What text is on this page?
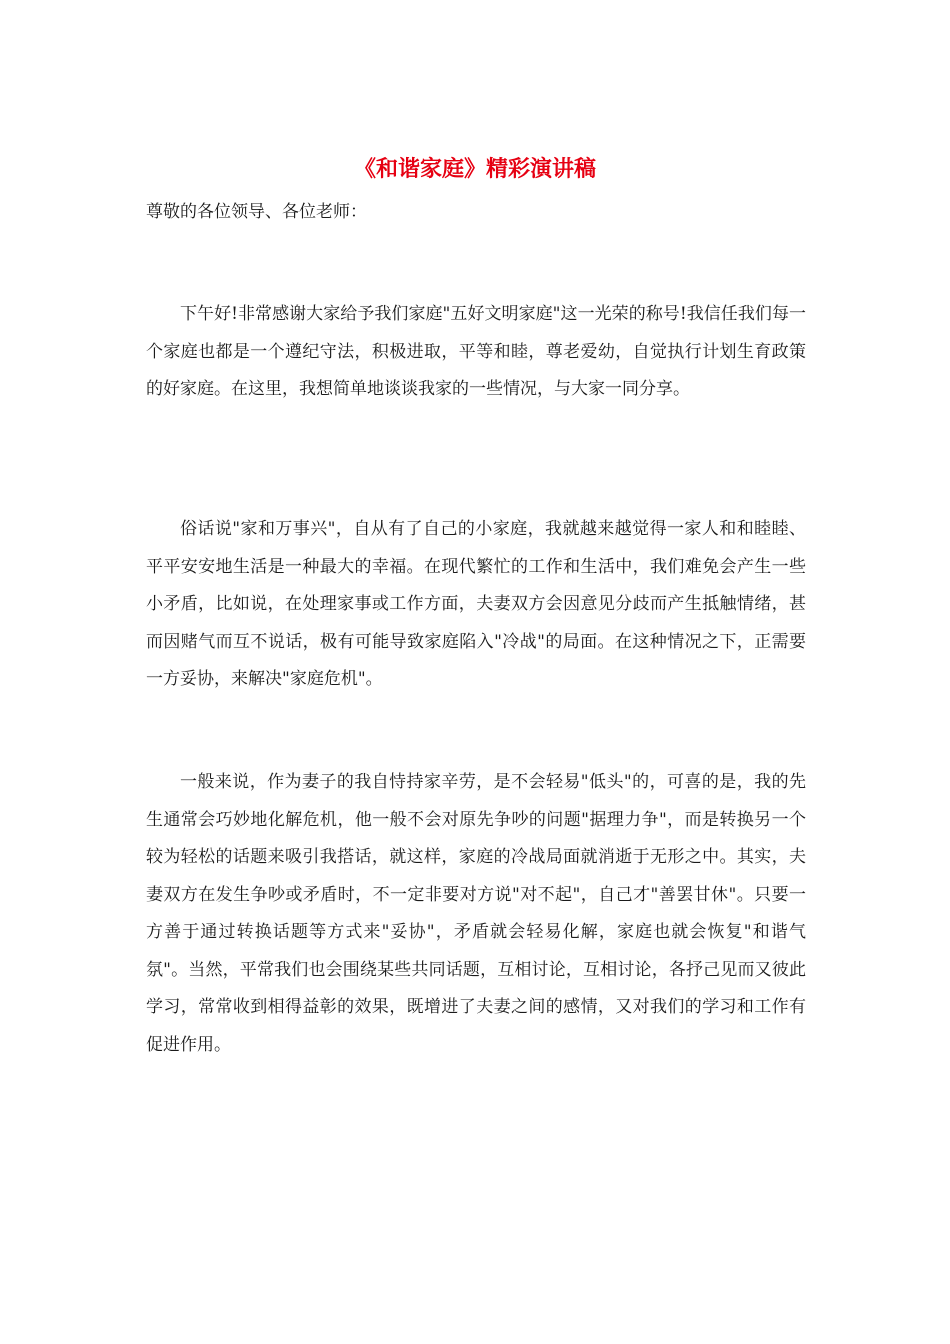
《和谐家庭》精彩演讲稿

尊敬的各位领导、各位老师：

下午好!非常感谢大家给予我们家庭"五好文明家庭"这一光荣的称号!我信任我们每一个家庭也都是一个遵纪守法，积极进取，平等和睦，尊老爱幼，自觉执行计划生育政策的好家庭。在这里，我想简单地谈谈我家的一些情况，与大家一同分享。

俗话说"家和万事兴"，自从有了自己的小家庭，我就越来越觉得一家人和和睦睦、平平安安地生活是一种最大的幸福。在现代繁忙的工作和生活中，我们难免会产生一些小矛盾，比如说，在处理家事或工作方面，夫妻双方会因意见分歧而产生抵触情绪，甚而因赌气而互不说话，极有可能导致家庭陷入"冷战"的局面。在这种情况之下，正需要一方妥协，来解决"家庭危机"。

一般来说，作为妻子的我自恃持家辛劳，是不会轻易"低头"的，可喜的是，我的先生通常会巧妙地化解危机，他一般不会对原先争吵的问题"据理力争"，而是转换另一个较为轻松的话题来吸引我搭话，就这样，家庭的冷战局面就消逝于无形之中。其实，夫妻双方在发生争吵或矛盾时，不一定非要对方说"对不起"，自己才"善罢甘休"。只要一方善于通过转换话题等方式来"妥协"，矛盾就会轻易化解，家庭也就会恢复"和谐气氛"。当然，平常我们也会围绕某些共同话题，互相讨论，互相讨论，各抒己见而又彼此学习，常常收到相得益彰的效果，既增进了夫妻之间的感情，又对我们的学习和工作有促进作用。
